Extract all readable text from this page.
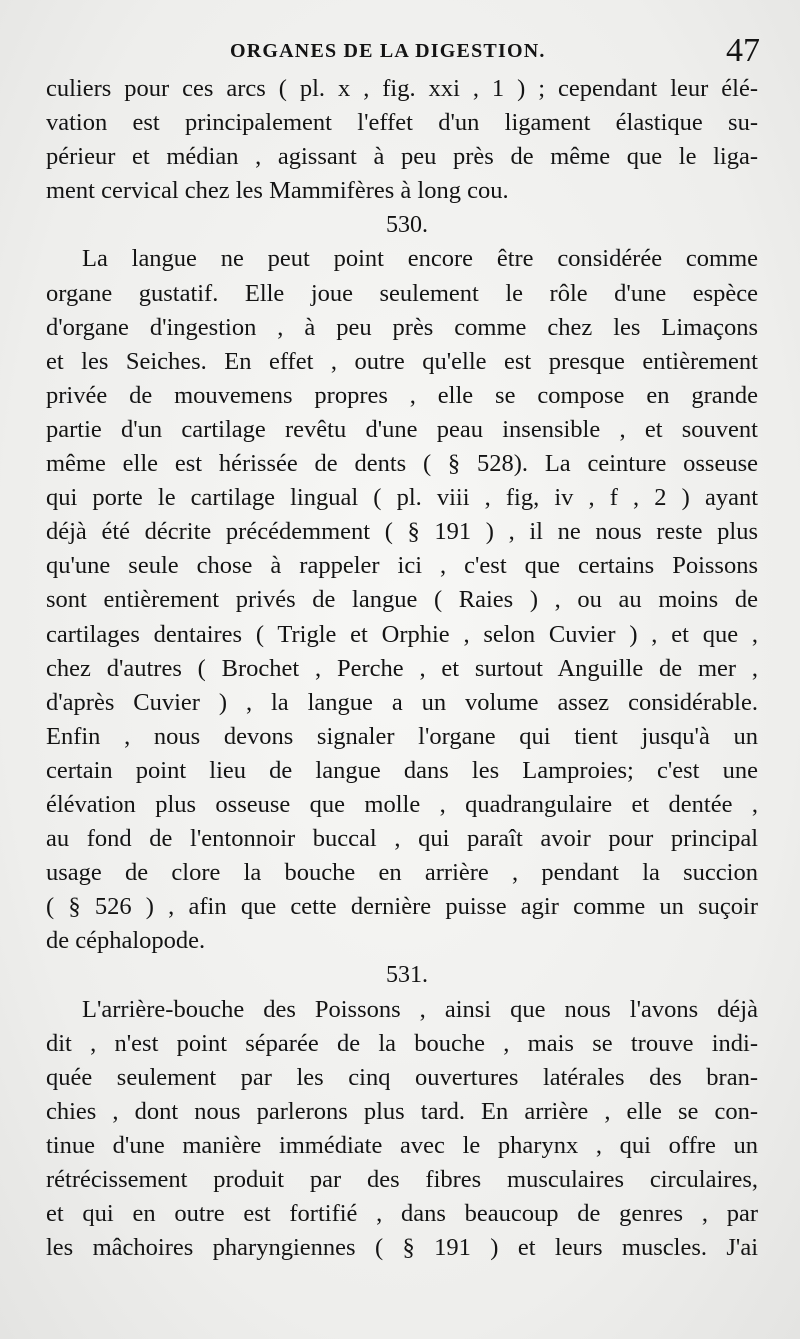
ORGANES DE LA DIGESTION.	47
culiers pour ces arcs ( pl. x , fig. xxi , 1 ) ; cependant leur élé-
vation est principalement l'effet d'un ligament élastique su-
périeur et médian , agissant à peu près de même que le liga-
ment cervical chez les Mammifères à long cou.
530.
La langue ne peut point encore être considérée comme
organe gustatif. Elle joue seulement le rôle d'une espèce
d'organe d'ingestion , à peu près comme chez les Limaçons
et les Seiches. En effet , outre qu'elle est presque entièrement
privée de mouvemens propres , elle se compose en grande
partie d'un cartilage revêtu d'une peau insensible , et souvent
même elle est hérissée de dents ( § 528). La ceinture osseuse
qui porte le cartilage lingual ( pl. viii , fig, iv , f , 2 ) ayant
déjà été décrite précédemment ( § 191 ) , il ne nous reste plus
qu'une seule chose à rappeler ici , c'est que certains Poissons
sont entièrement privés de langue ( Raies ) , ou au moins de
cartilages dentaires ( Trigle et Orphie , selon Cuvier ) , et que ,
chez d'autres ( Brochet , Perche , et surtout Anguille de mer ,
d'après Cuvier ) , la langue a un volume assez considérable.
Enfin , nous devons signaler l'organe qui tient jusqu'à un
certain point lieu de langue dans les Lamproies; c'est une
élévation plus osseuse que molle , quadrangulaire et dentée ,
au fond de l'entonnoir buccal , qui paraît avoir pour principal
usage de clore la bouche en arrière , pendant la succion
( § 526 ) , afin que cette dernière puisse agir comme un suçoir
de céphalopode.
531.
L'arrière-bouche des Poissons , ainsi que nous l'avons déjà
dit , n'est point séparée de la bouche , mais se trouve indi-
quée seulement par les cinq ouvertures latérales des bran-
chies , dont nous parlerons plus tard. En arrière , elle se con-
tinue d'une manière immédiate avec le pharynx , qui offre un
rétrécissement produit par des fibres musculaires circulaires,
et qui en outre est fortifié , dans beaucoup de genres , par
les mâchoires pharyngiennes ( § 191 ) et leurs muscles. J'ai
